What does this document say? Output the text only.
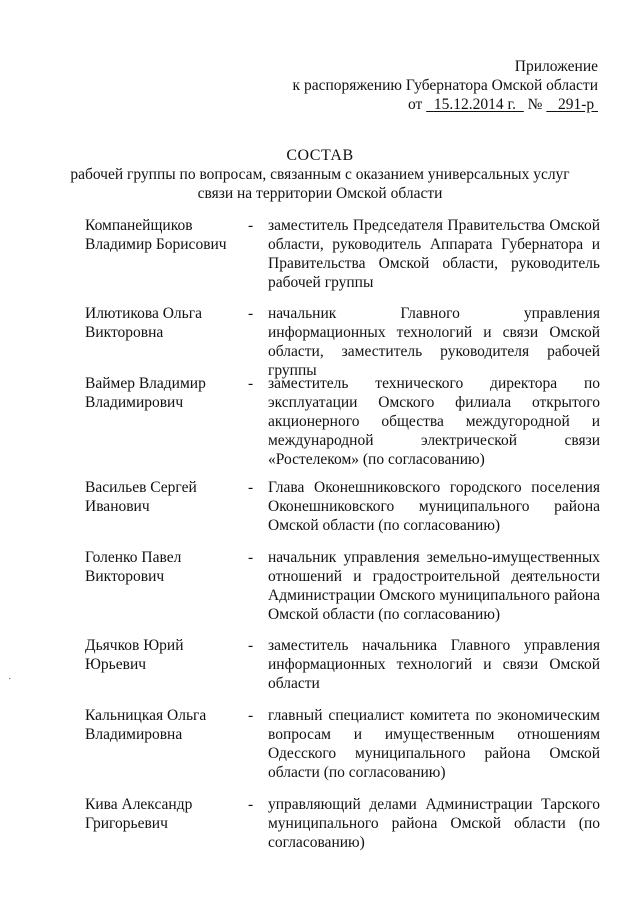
Приложение
к распоряжению Губернатора Омской области
от 15.12.2014 г. № 291-р
СОСТАВ
рабочей группы по вопросам, связанным с оказанием универсальных услуг
связи на территории Омской области
Компанейщиков
Владимир Борисович
- заместитель Председателя Правительства Омской области, руководитель Аппарата Губернатора и Правительства Омской области, руководитель рабочей группы
Илютикова Ольга
Викторовна
- начальник Главного управления информационных технологий и связи Омской области, заместитель руководителя рабочей группы
Ваймер Владимир
Владимирович
- заместитель технического директора по эксплуатации Омского филиала открытого акционерного общества междугородной и международной электрической связи «Ростелеком» (по согласованию)
Васильев Сергей
Иванович
- Глава Оконешниковского городского поселения Оконешниковского муниципального района Омской области (по согласованию)
Голенко Павел
Викторович
- начальник управления земельно-имущественных отношений и градостроительной деятельности Администрации Омского муниципального района Омской области (по согласованию)
Дьячков Юрий
Юрьевич
- заместитель начальника Главного управления информационных технологий и связи Омской области
Кальницкая Ольга
Владимировна
- главный специалист комитета по экономическим вопросам и имущественным отношениям Одесского муниципального района Омской области (по согласованию)
Кива Александр
Григорьевич
- управляющий делами Администрации Тарского муниципального района Омской области (по согласованию)
⋅
